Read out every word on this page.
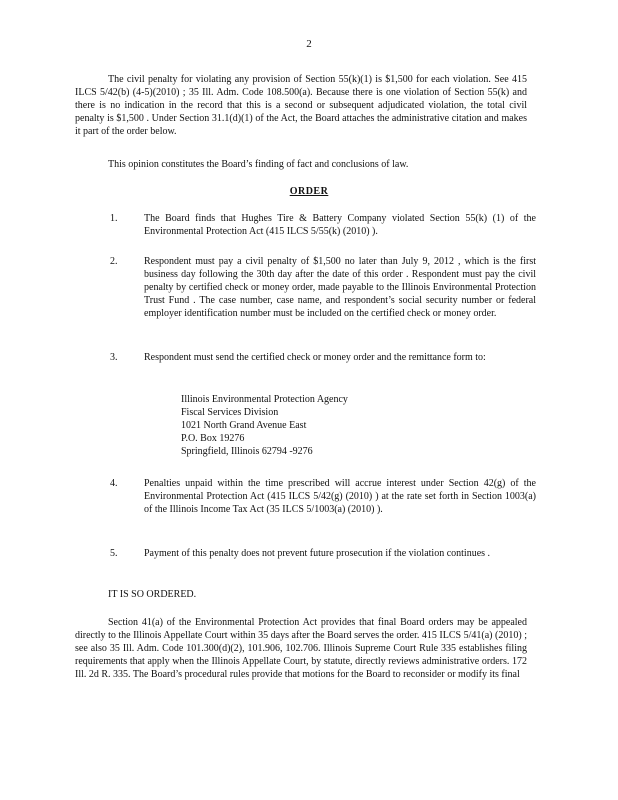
2
The civil penalty for violating any provision of Section 55(k)(1) is $1,500 for each violation. See 415 ILCS 5/42(b) (4-5)(2010) ; 35 Ill. Adm. Code 108.500(a). Because there is one violation of Section 55(k) and there is no indication in the record that this is a second or subsequent adjudicated violation, the total civil penalty is $1,500 . Under Section 31.1(d)(1) of the Act, the Board attaches the administrative citation and makes it part of the order below.
This opinion constitutes the Board’s finding of fact and conclusions of law.
ORDER
1.	The Board finds that Hughes Tire & Battery Company violated Section 55(k) (1) of the Environmental Protection Act (415 ILCS 5/55(k) (2010) ).
2.	Respondent must pay a civil penalty of $1,500 no later than July 9, 2012 , which is the first business day following the 30th day after the date of this order . Respondent must pay the civil penalty by certified check or money order, made payable to the Illinois Environmental Protection Trust Fund . The case number, case name, and respondent’s social security number or federal employer identification number must be included on the certified check or money order.
3.	Respondent must send the certified check or money order and the remittance form to:
Illinois Environmental Protection Agency
Fiscal Services Division
1021 North Grand Avenue East
P.O. Box 19276
Springfield, Illinois 62794 -9276
4.	Penalties unpaid within the time prescribed will accrue interest under Section 42(g) of the Environmental Protection Act (415 ILCS 5/42(g) (2010) ) at the rate set forth in Section 1003(a) of the Illinois Income Tax Act (35 ILCS 5/1003(a) (2010) ).
5.	Payment of this penalty does not prevent future prosecution if the violation continues .
IT IS SO ORDERED.
Section 41(a) of the Environmental Protection Act provides that final Board orders may be appealed directly to the Illinois Appellate Court within 35 days after the Board serves the order. 415 ILCS 5/41(a) (2010) ; see also 35 Ill. Adm. Code 101.300(d)(2), 101.906, 102.706. Illinois Supreme Court Rule 335 establishes filing requirements that apply when the Illinois Appellate Court, by statute, directly reviews administrative orders. 172 Ill. 2d R. 335. The Board’s procedural rules provide that motions for the Board to reconsider or modify its final
